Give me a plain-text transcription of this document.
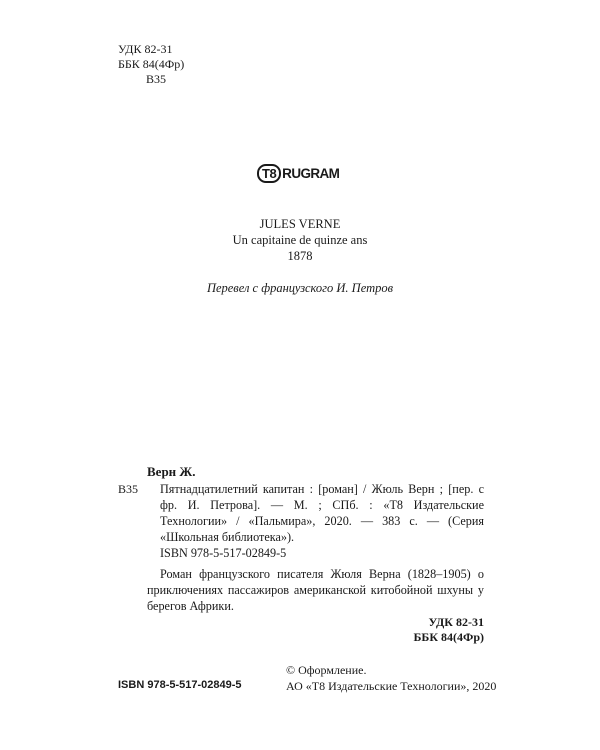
УДК 82-31
ББК 84(4Фр)
В35
T8 RUGRAM
JULES VERNE
Un capitaine de quinze ans
1878
Перевел с французского И. Петров
Верн Ж.
В35 Пятнадцатилетний капитан : [роман] / Жюль Верн ; [пер. с фр. И. Петрова]. — М. ; СПб. : «Т8 Издательские Технологии» / «Пальмира», 2020. — 383 с. — (Серия «Школьная библиотека»).
ISBN 978-5-517-02849-5
Роман французского писателя Жюля Верна (1828–1905) о приключениях пассажиров американской китобойной шхуны у берегов Африки.
УДК 82-31
ББК 84(4Фр)
ISBN 978-5-517-02849-5
© Оформление.
АО «Т8 Издательские Технологии», 2020
